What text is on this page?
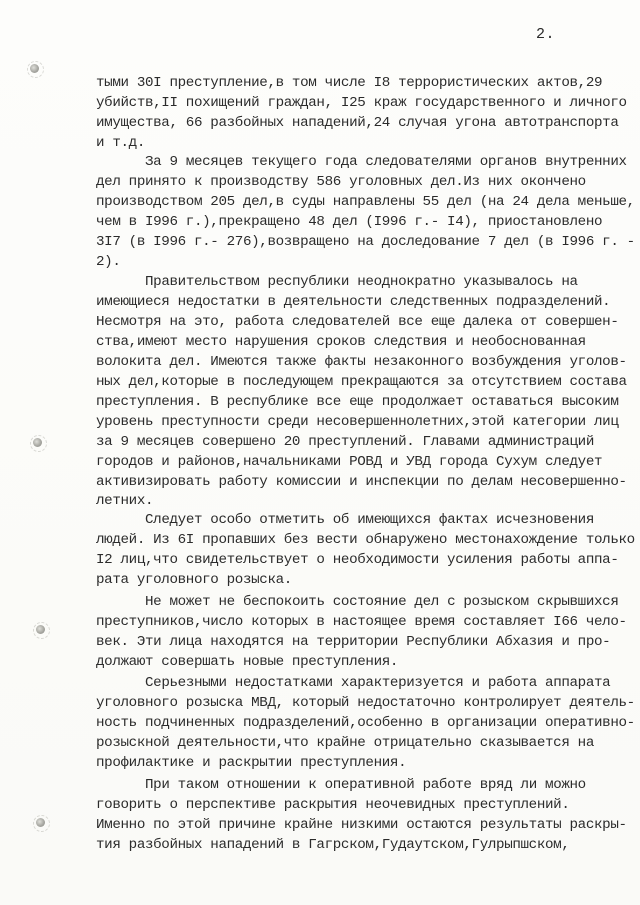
2.
тыми 30I преступление,в том числе I8 террористических актов,29
убийств,II похищений граждан, I25 краж государственного и личного
имущества, 66 разбойных нападений,24 случая угона автотранспорта
и т.д.
За 9 месяцев текущего года следователями органов внутренних
дел принято к производству 586 уголовных дел.Из них окончено
производством 205 дел,в суды направлены 55 дел (на 24 дела меньше,
чем в I996 г.),прекращено 48 дел (I996 г.- I4), приостановлено
3I7 (в I996 г.- 276),возвращено на доследование 7 дел (в I996 г. -
2).
Правительством республики неоднократно указывалось на
имеющиеся недостатки в деятельности следственных подразделений.
Несмотря на это, работа следователей все еще далека от совершен-
ства,имеют место нарушения сроков следствия и необоснованная
волокита дел. Имеются также факты незаконного возбуждения уголов-
ных дел,которые в последующем прекращаются за отсутствием состава
преступления. В республике все еще продолжает оставаться высоким
уровень преступности среди несовершеннолетних,этой категории лиц
за 9 месяцев совершено 20 преступлений. Главами администраций
городов и районов,начальниками РОВД и УВД города Сухум следует
активизировать работу комиссии и инспекции по делам несовершенно-
летних.
Следует особо отметить об имеющихся фактах исчезновения
людей. Из 6I пропавших без вести обнаружено местонахождение только
I2 лиц,что свидетельствует о необходимости усиления работы аппа-
рата уголовного розыска.
Не может не беспокоить состояние дел с розыском скрывшихся
преступников,число которых в настоящее время составляет I66 чело-
век. Эти лица находятся на территории Республики Абхазия и про-
должают совершать новые преступления.
Серьезными недостатками характеризуется и работа аппарата
уголовного розыска МВД, который недостаточно контролирует деятель-
ность подчиненных подразделений,особенно в организации оперативно-
розыскной деятельности,что крайне отрицательно сказывается на
профилактике и раскрытии преступления.
При таком отношении к оперативной работе вряд ли можно
говорить о перспективе раскрытия неочевидных преступлений.
Именно по этой причине крайне низкими остаются результаты раскры-
тия разбойных нападений в Гагрском,Гудаутском,Гулрыпшском,
